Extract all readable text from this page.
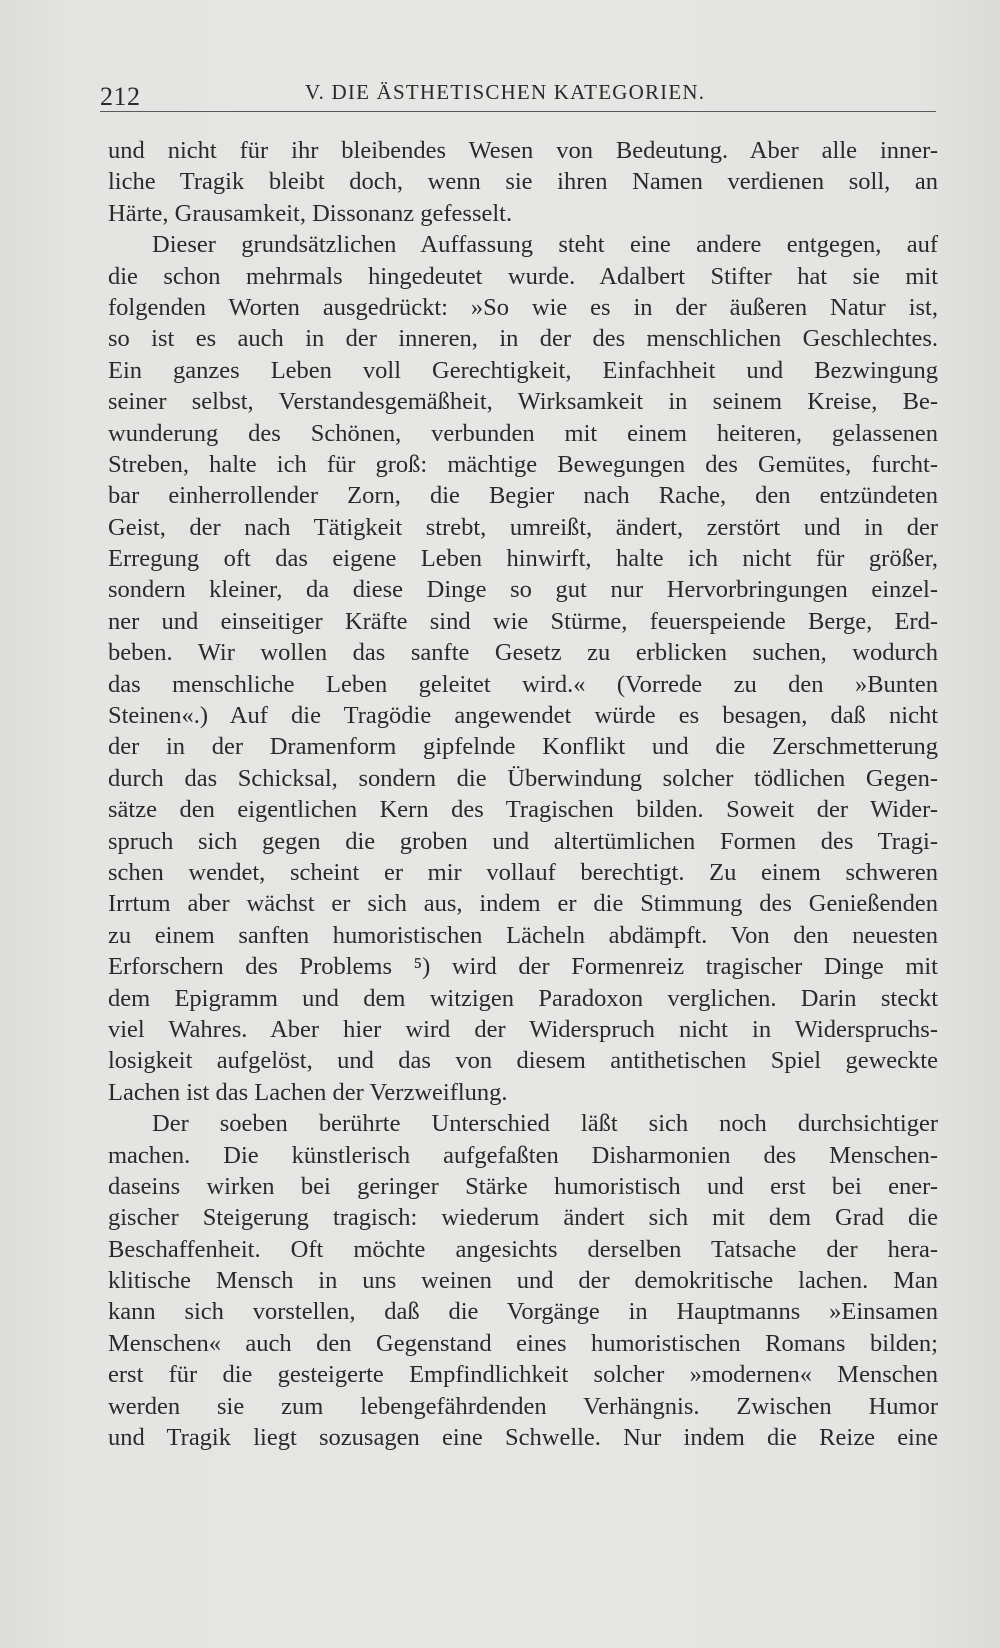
212	V. DIE ÄSTHETISCHEN KATEGORIEN.
und nicht für ihr bleibendes Wesen von Bedeutung. Aber alle inner-
liche Tragik bleibt doch, wenn sie ihren Namen verdienen soll, an
Härte, Grausamkeit, Dissonanz gefesselt.
Dieser grundsätzlichen Auffassung steht eine andere entgegen, auf
die schon mehrmals hingedeutet wurde. Adalbert Stifter hat sie mit
folgenden Worten ausgedrückt: »So wie es in der äußeren Natur ist,
so ist es auch in der inneren, in der des menschlichen Geschlechtes.
Ein ganzes Leben voll Gerechtigkeit, Einfachheit und Bezwingung
seiner selbst, Verstandesgemäßheit, Wirksamkeit in seinem Kreise, Be-
wunderung des Schönen, verbunden mit einem heiteren, gelassenen
Streben, halte ich für groß: mächtige Bewegungen des Gemütes, furcht-
bar einherrollender Zorn, die Begier nach Rache, den entzündeten
Geist, der nach Tätigkeit strebt, umreißt, ändert, zerstört und in der
Erregung oft das eigene Leben hinwirft, halte ich nicht für größer,
sondern kleiner, da diese Dinge so gut nur Hervorbringungen einzel-
ner und einseitiger Kräfte sind wie Stürme, feuerspeiende Berge, Erd-
beben. Wir wollen das sanfte Gesetz zu erblicken suchen, wodurch
das menschliche Leben geleitet wird.« (Vorrede zu den »Bunten
Steinen«.) Auf die Tragödie angewendet würde es besagen, daß nicht
der in der Dramenform gipfelnde Konflikt und die Zerschmetterung
durch das Schicksal, sondern die Überwindung solcher tödlichen Gegen-
sätze den eigentlichen Kern des Tragischen bilden. Soweit der Wider-
spruch sich gegen die groben und altertümlichen Formen des Tragi-
schen wendet, scheint er mir vollauf berechtigt. Zu einem schweren
Irrtum aber wächst er sich aus, indem er die Stimmung des Genießenden
zu einem sanften humoristischen Lächeln abdämpft. Von den neuesten
Erforschern des Problems ⁵) wird der Formenreiz tragischer Dinge mit
dem Epigramm und dem witzigen Paradoxon verglichen. Darin steckt
viel Wahres. Aber hier wird der Widerspruch nicht in Widerspruchs-
losigkeit aufgelöst, und das von diesem antithetischen Spiel geweckte
Lachen ist das Lachen der Verzweiflung.
Der soeben berührte Unterschied läßt sich noch durchsichtiger
machen. Die künstlerisch aufgefaßten Disharmonien des Menschen-
daseins wirken bei geringer Stärke humoristisch und erst bei ener-
gischer Steigerung tragisch: wiederum ändert sich mit dem Grad die
Beschaffenheit. Oft möchte angesichts derselben Tatsache der hera-
klitische Mensch in uns weinen und der demokritische lachen. Man
kann sich vorstellen, daß die Vorgänge in Hauptmanns »Einsamen
Menschen« auch den Gegenstand eines humoristischen Romans bilden;
erst für die gesteigerte Empfindlichkeit solcher »modernen« Menschen
werden sie zum lebengefährdenden Verhängnis. Zwischen Humor
und Tragik liegt sozusagen eine Schwelle. Nur indem die Reize eine
